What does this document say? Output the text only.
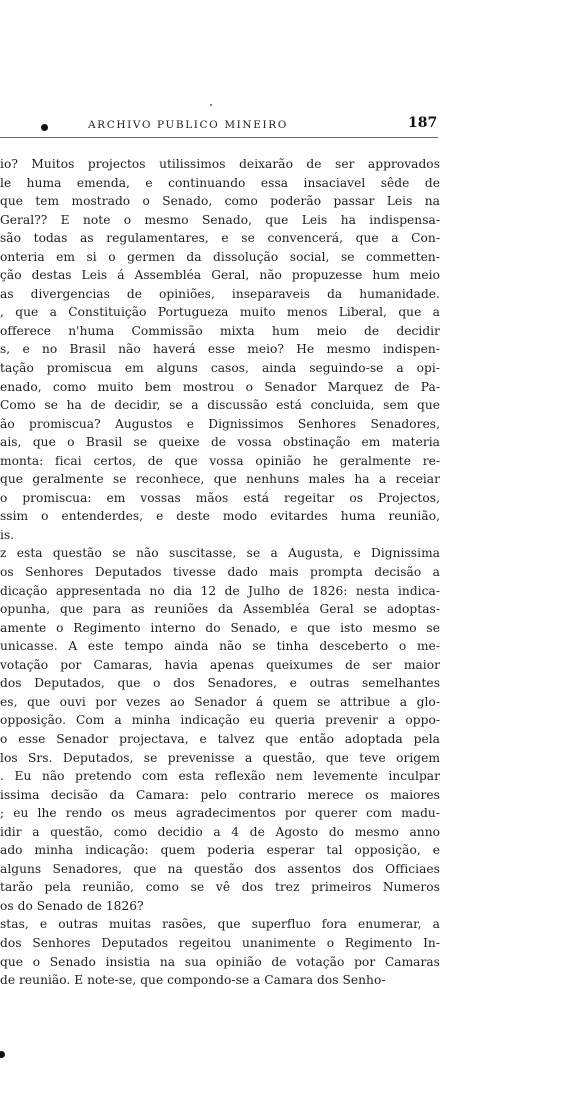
ARCHIVO PUBLICO MINEIRO	187
io? Muitos projectos utilissimos deixarão de ser approvados
le huma emenda, e continuando essa insaciavel sêde de
que tem mostrado o Senado, como poderão passar Leis na
Geral?? E note o mesmo Senado, que Leis ha indispensa-
são todas as regulamentares, e se convencerá, que a Con-
onteria em si o germen da dissolução social, se commetten-
ção destas Leis á Assembléa Geral, não propuzesse hum meio
as divergencias de opiniões, inseparaveis da humanidade.
, que a Constituição Portugueza muito menos Liberal, que a
offerece n'huma Commissão mixta hum meio de decidir
s, e no Brasil não haverá esse meio? He mesmo indispen-
tação promiscua em alguns casos, ainda seguindo-se a opi-
enado, como muito bem mostrou o Senador Marquez de Pa-
Como se ha de decidir, se a discussão está concluida, sem que
ão promiscua? Augustos e Dignissimos Senhores Senadores,
ais, que o Brasil se queixe de vossa obstinação em materia
monta: ficai certos, de que vossa opinião he geralmente re-
que geralmente se reconhece, que nenhuns males ha a receiar
o promiscua: em vossas mãos está regeitar os Projectos,
ssim o entenderdes, e deste modo evitardes huma reunião,
is.
z esta questão se não suscitasse, se a Augusta, e Dignissima
os Senhores Deputados tivesse dado mais prompta decisão a
dicação appresentada no dia 12 de Julho de 1826: nesta indica-
opunha, que para as reuniões da Assembléa Geral se adoptas-
amente o Regimento interno do Senado, e que isto mesmo se
unicasse. A este tempo ainda não se tinha desceberto o me-
votação por Camaras, havia apenas queixumes de ser maior
dos Deputados, que o dos Senadores, e outras semelhantes
es, que ouvi por vezes ao Senador á quem se attribue a glo-
opposição. Com a minha indicação eu queria prevenir a oppo-
o esse Senador projectava, e talvez que então adoptada pela
los Srs. Deputados, se prevenisse a questão, que teve origem
. Eu não pretendo com esta reflexão nem levemente inculpar
issima decisão da Camara: pelo contrario merece os maiores
; eu lhe rendo os meus agradecimentos por querer com madu-
idir a questão, como decidio a 4 de Agosto do mesmo anno
ado minha indicação: quem poderia esperar tal opposição, e
alguns Senadores, que na questão dos assentos dos Officiaes
tarão pela reunião, como se vê dos trez primeiros Numeros
os do Senado de 1826?
stas, e outras muitas rasões, que superfluo fora enumerar, a
dos Senhores Deputados regeitou unanimente o Regimento In-
que o Senado insistia na sua opinião de votação por Camaras
de reunião. E note-se, que compondo-se a Camara dos Senho-
